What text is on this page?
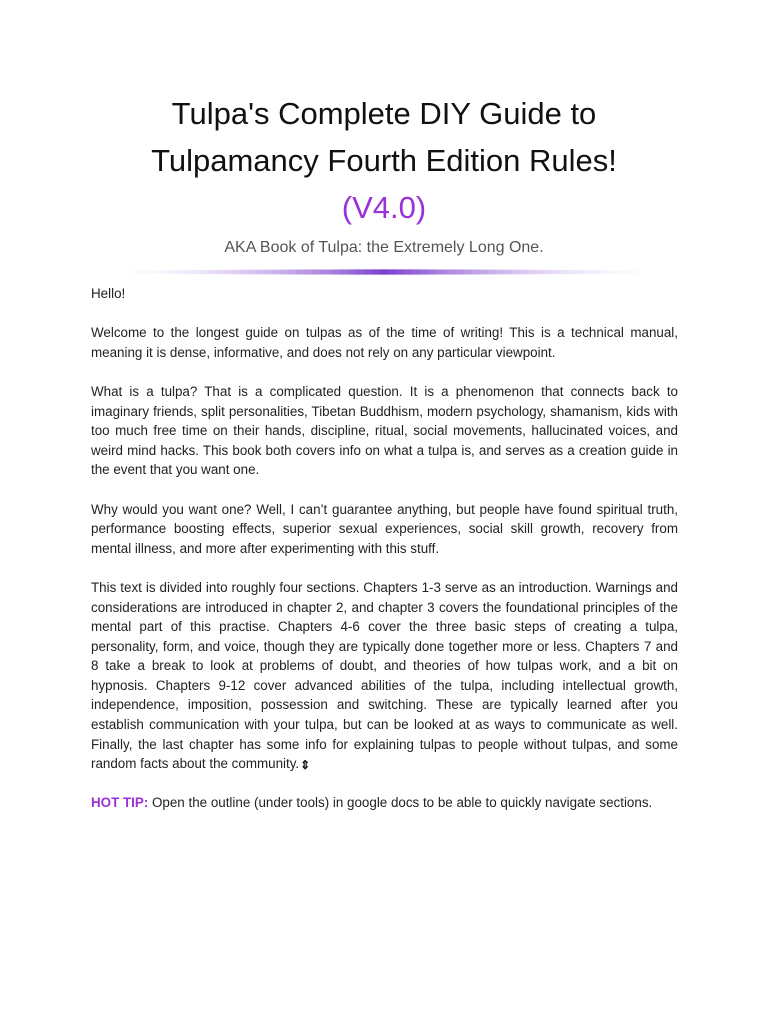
Tulpa's Complete DIY Guide to
Tulpamancy Fourth Edition Rules!
(V4.0)
AKA Book of Tulpa: the Extremely Long One.

Hello!

Welcome to the longest guide on tulpas as of the time of writing! This is a technical manual, meaning it is dense, informative, and does not rely on any particular viewpoint.

What is a tulpa? That is a complicated question. It is a phenomenon that connects back to imaginary friends, split personalities, Tibetan Buddhism, modern psychology, shamanism, kids with too much free time on their hands, discipline, ritual, social movements, hallucinated voices, and weird mind hacks. This book both covers info on what a tulpa is, and serves as a creation guide in the event that you want one.

Why would you want one? Well, I can’t guarantee anything, but people have found spiritual truth, performance boosting effects, superior sexual experiences, social skill growth, recovery from mental illness, and more after experimenting with this stuff.

This text is divided into roughly four sections. Chapters 1-3 serve as an introduction. Warnings and considerations are introduced in chapter 2, and chapter 3 covers the foundational principles of the mental part of this practise. Chapters 4-6 cover the three basic steps of creating a tulpa, personality, form, and voice, though they are typically done together more or less. Chapters 7 and 8 take a break to look at problems of doubt, and theories of how tulpas work, and a bit on hypnosis. Chapters 9-12 cover advanced abilities of the tulpa, including intellectual growth, independence, imposition, possession and switching. These are typically learned after you establish communication with your tulpa, but can be looked at as ways to communicate as well. Finally, the last chapter has some info for explaining tulpas to people without tulpas, and some random facts about the community.⇕

HOT TIP: Open the outline (under tools) in google docs to be able to quickly navigate sections.
